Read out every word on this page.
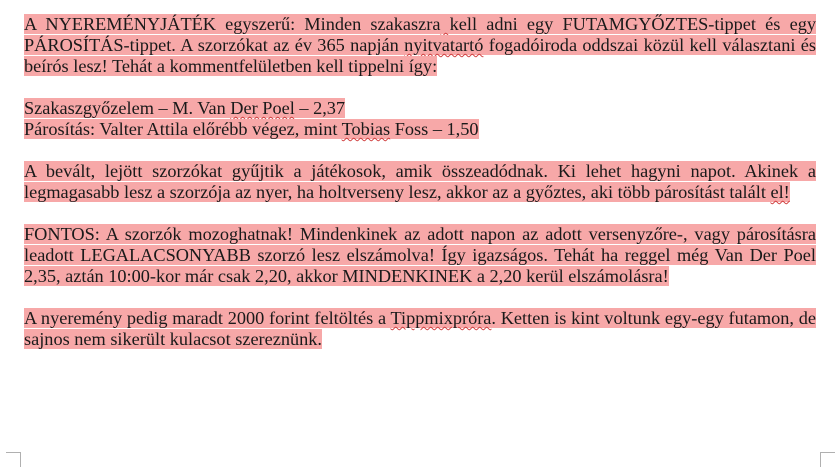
A NYEREMÉNYJÁTÉK egyszerű: Minden szakaszra kell adni egy FUTAMGYŐZTES-tippet és egy PÁROSÍTÁS-tippet. A szorzókat az év 365 napján nyitvatartó fogadóiroda oddszai közül kell választani és beírós lesz! Tehát a kommentfelületben kell tippelni így:

Szakaszgyőzelem – M. Van Der Poel – 2,37
Párosítás: Valter Attila előrébb végez, mint Tobias Foss – 1,50

A bevált, lejött szorzókat gyűjtik a játékosok, amik összeadódnak. Ki lehet hagyni napot. Akinek a legmagasabb lesz a szorzója az nyer, ha holtverseny lesz, akkor az a győztes, aki több párosítást talált el!

FONTOS: A szorzók mozoghatnak! Mindenkinek az adott napon az adott versenyzőre-, vagy párosításra leadott LEGALACSONYABB szorzó lesz elszámolva! Így igazságos. Tehát ha reggel még Van Der Poel 2,35, aztán 10:00-kor már csak 2,20, akkor MINDENKINEK a 2,20 kerül elszámolásra!

A nyeremény pedig maradt 2000 forint feltöltés a Tippmixpróra. Ketten is kint voltunk egy-egy futamon, de sajnos nem sikerült kulacsot szereznünk.
